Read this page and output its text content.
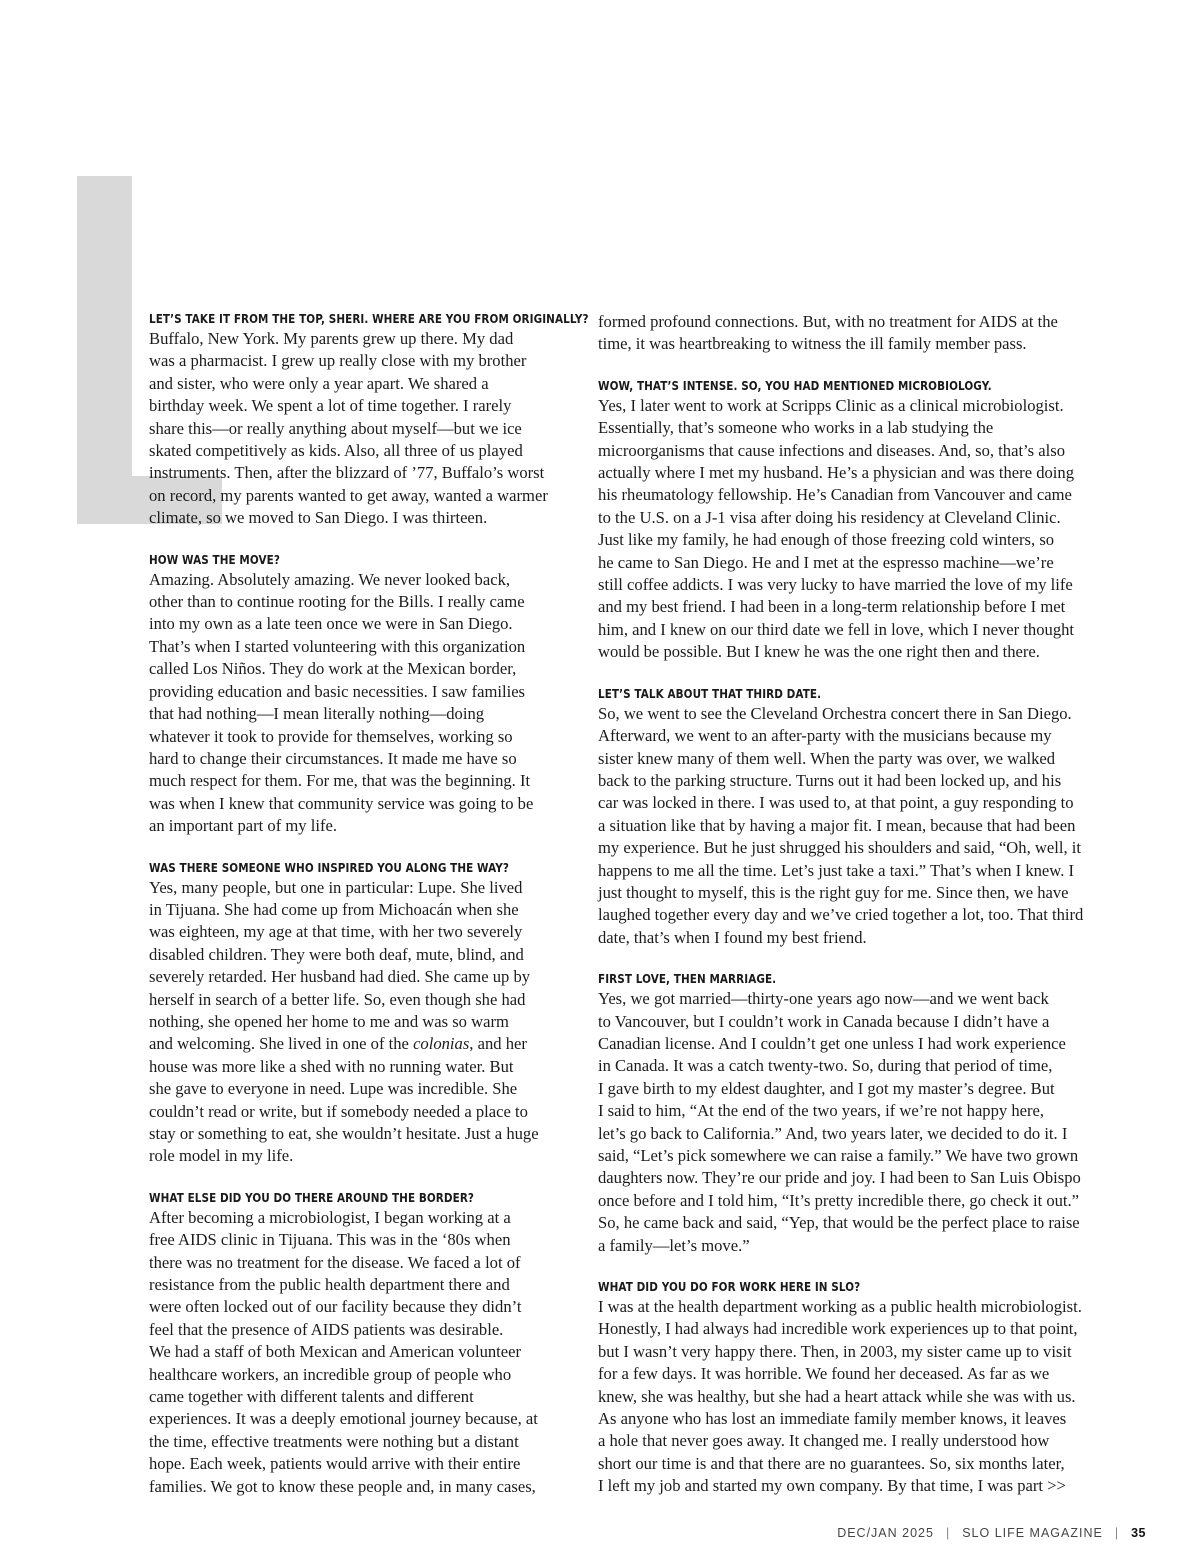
LET’S TAKE IT FROM THE TOP, SHERI. WHERE ARE YOU FROM ORIGINALLY?

Buffalo, New York. My parents grew up there. My dad
was a pharmacist. I grew up really close with my brother
and sister, who were only a year apart. We shared a
birthday week. We spent a lot of time together. I rarely
share this—or really anything about myself—but we ice
skated competitively as kids. Also, all three of us played
instruments. Then, after the blizzard of ’77, Buffalo’s worst
on record, my parents wanted to get away, wanted a warmer
climate, so we moved to San Diego. I was thirteen.

HOW WAS THE MOVE?

Amazing. Absolutely amazing. We never looked back,
other than to continue rooting for the Bills. I really came
into my own as a late teen once we were in San Diego.
That’s when I started volunteering with this organization
called Los Niños. They do work at the Mexican border,
providing education and basic necessities. I saw families
that had nothing—I mean literally nothing—doing
whatever it took to provide for themselves, working so
hard to change their circumstances. It made me have so
much respect for them. For me, that was the beginning. It
was when I knew that community service was going to be
an important part of my life.

WAS THERE SOMEONE WHO INSPIRED YOU ALONG THE WAY?

Yes, many people, but one in particular: Lupe. She lived
in Tijuana. She had come up from Michoacán when she
was eighteen, my age at that time, with her two severely
disabled children. They were both deaf, mute, blind, and
severely retarded. Her husband had died. She came up by
herself in search of a better life. So, even though she had
nothing, she opened her home to me and was so warm
and welcoming. She lived in one of the colonias, and her
house was more like a shed with no running water. But
she gave to everyone in need. Lupe was incredible. She
couldn’t read or write, but if somebody needed a place to
stay or something to eat, she wouldn’t hesitate. Just a huge
role model in my life.

WHAT ELSE DID YOU DO THERE AROUND THE BORDER?

After becoming a microbiologist, I began working at a
free AIDS clinic in Tijuana. This was in the ‘80s when
there was no treatment for the disease. We faced a lot of
resistance from the public health department there and
were often locked out of our facility because they didn’t
feel that the presence of AIDS patients was desirable.
We had a staff of both Mexican and American volunteer
healthcare workers, an incredible group of people who
came together with different talents and different
experiences. It was a deeply emotional journey because, at
the time, effective treatments were nothing but a distant
hope. Each week, patients would arrive with their entire
families. We got to know these people and, in many cases,

formed profound connections. But, with no treatment for AIDS at the
time, it was heartbreaking to witness the ill family member pass.

WOW, THAT’S INTENSE. SO, YOU HAD MENTIONED MICROBIOLOGY.

Yes, I later went to work at Scripps Clinic as a clinical microbiologist.
Essentially, that’s someone who works in a lab studying the
microorganisms that cause infections and diseases. And, so, that’s also
actually where I met my husband. He’s a physician and was there doing
his rheumatology fellowship. He’s Canadian from Vancouver and came
to the U.S. on a J-1 visa after doing his residency at Cleveland Clinic.
Just like my family, he had enough of those freezing cold winters, so
he came to San Diego. He and I met at the espresso machine—we’re
still coffee addicts. I was very lucky to have married the love of my life
and my best friend. I had been in a long-term relationship before I met
him, and I knew on our third date we fell in love, which I never thought
would be possible. But I knew he was the one right then and there.

LET’S TALK ABOUT THAT THIRD DATE.

So, we went to see the Cleveland Orchestra concert there in San Diego.
Afterward, we went to an after-party with the musicians because my
sister knew many of them well. When the party was over, we walked
back to the parking structure. Turns out it had been locked up, and his
car was locked in there. I was used to, at that point, a guy responding to
a situation like that by having a major fit. I mean, because that had been
my experience. But he just shrugged his shoulders and said, “Oh, well, it
happens to me all the time. Let’s just take a taxi.” That’s when I knew. I
just thought to myself, this is the right guy for me. Since then, we have
laughed together every day and we’ve cried together a lot, too. That third
date, that’s when I found my best friend.

FIRST LOVE, THEN MARRIAGE.

Yes, we got married—thirty-one years ago now—and we went back
to Vancouver, but I couldn’t work in Canada because I didn’t have a
Canadian license. And I couldn’t get one unless I had work experience
in Canada. It was a catch twenty-two. So, during that period of time,
I gave birth to my eldest daughter, and I got my master’s degree. But
I said to him, “At the end of the two years, if we’re not happy here,
let’s go back to California.” And, two years later, we decided to do it. I
said, “Let’s pick somewhere we can raise a family.” We have two grown
daughters now. They’re our pride and joy. I had been to San Luis Obispo
once before and I told him, “It’s pretty incredible there, go check it out.”
So, he came back and said, “Yep, that would be the perfect place to raise
a family—let’s move.”

WHAT DID YOU DO FOR WORK HERE IN SLO?

I was at the health department working as a public health microbiologist.
Honestly, I had always had incredible work experiences up to that point,
but I wasn’t very happy there. Then, in 2003, my sister came up to visit
for a few days. It was horrible. We found her deceased. As far as we
knew, she was healthy, but she had a heart attack while she was with us.
As anyone who has lost an immediate family member knows, it leaves
a hole that never goes away. It changed me. I really understood how
short our time is and that there are no guarantees. So, six months later,
I left my job and started my own company. By that time, I was part >>

DEC/JAN 2025 | SLO LIFE MAGAZINE | 35
